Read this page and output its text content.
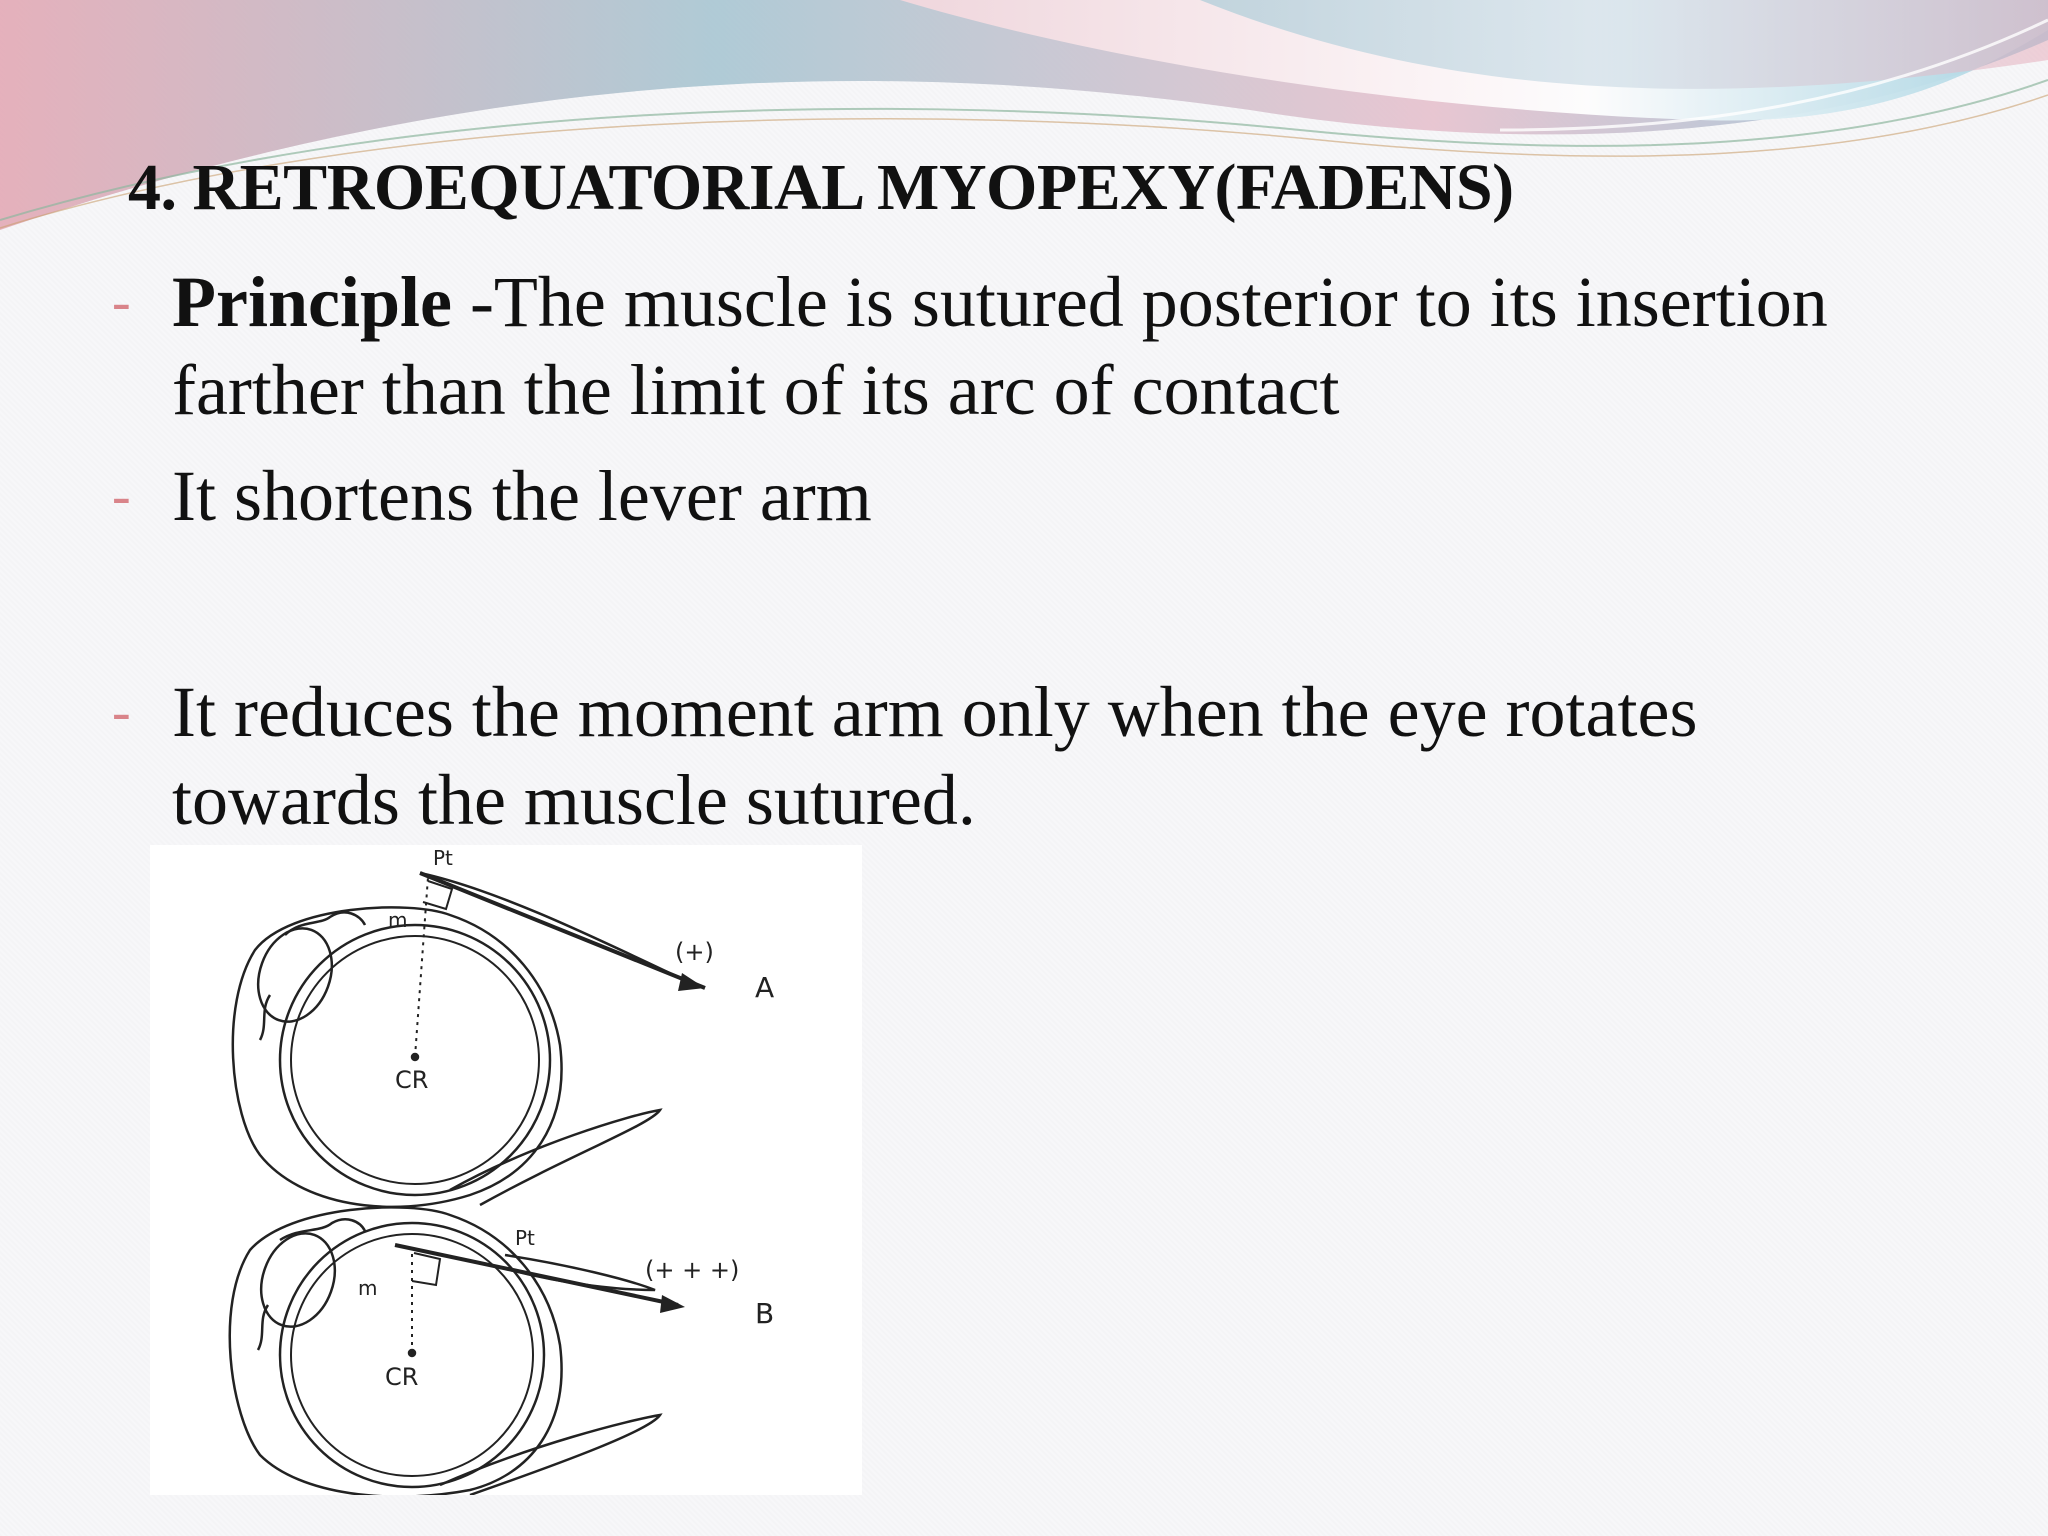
4. RETROEQUATORIAL MYOPEXY(FADENS)
- Principle -The muscle is sutured posterior to its insertion farther than the limit of its arc of contact
- It shortens the lever arm
- It reduces the moment arm only when the eye rotates towards the muscle sutured.
Pt
m
CR
(+)
A
Pt
m
CR
(+ + +)
B
